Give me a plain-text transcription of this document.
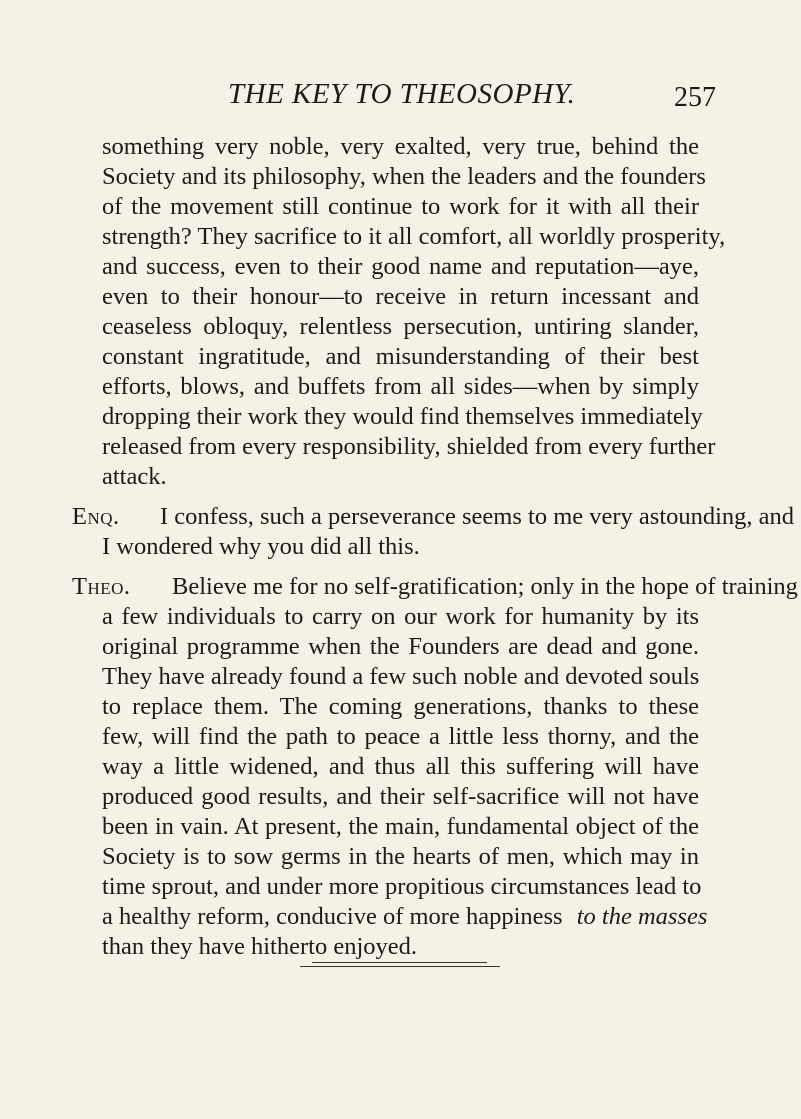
THE KEY TO THEOSOPHY.	257
something very noble, very exalted, very true, behind the
Society and its philosophy, when the leaders and the founders
of the movement still continue to work for it with all their
strength? They sacrifice to it all comfort, all worldly prosperity,
and success, even to their good name and reputation—aye,
even to their honour—to receive in return incessant and
ceaseless obloquy, relentless persecution, untiring slander,
constant ingratitude, and misunderstanding of their best
efforts, blows, and buffets from all sides—when by simply
dropping their work they would find themselves immediately
released from every responsibility, shielded from every further
attack.
Enq.	I confess, such a perseverance seems to me very astounding, and
I wondered why you did all this.
Theo.	Believe me for no self-gratification; only in the hope of training
a few individuals to carry on our work for humanity by its
original programme when the Founders are dead and gone.
They have already found a few such noble and devoted souls
to replace them. The coming generations, thanks to these
few, will find the path to peace a little less thorny, and the
way a little widened, and thus all this suffering will have
produced good results, and their self-sacrifice will not have
been in vain. At present, the main, fundamental object of the
Society is to sow germs in the hearts of men, which may in
time sprout, and under more propitious circumstances lead to
a healthy reform, conducive of more happiness to the masses
than they have hitherto enjoyed.
